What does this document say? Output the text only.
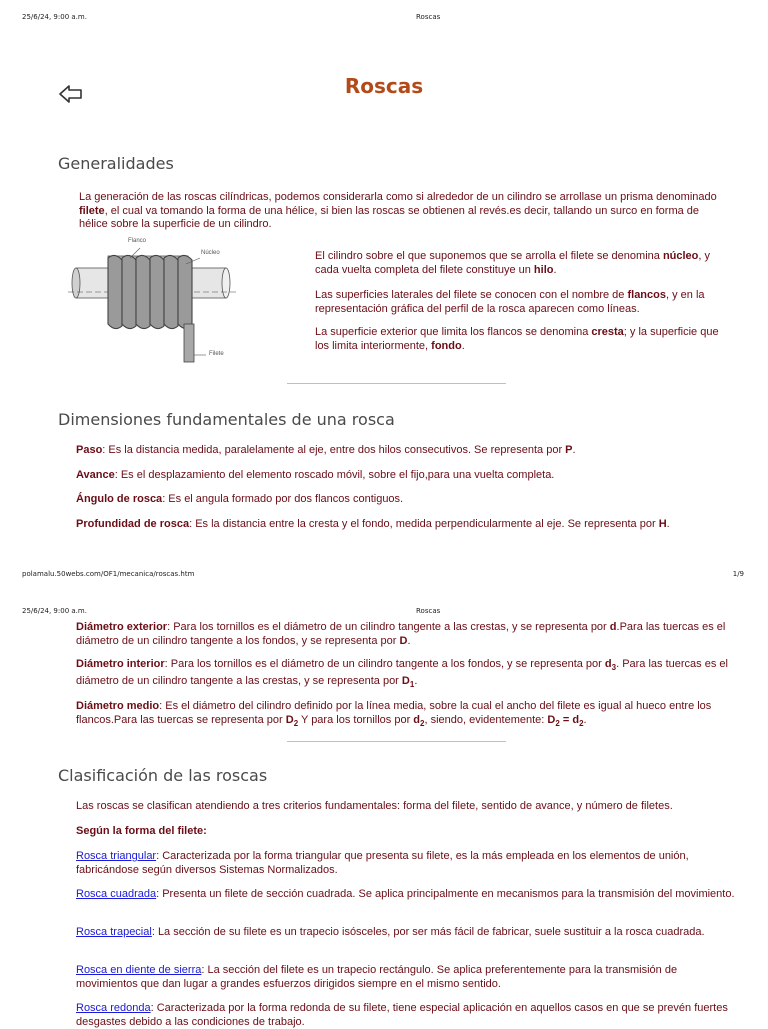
25/6/24, 9:00 a.m.	Roscas
Roscas
Generalidades
La generación de las roscas cilíndricas, podemos considerarla como si alrededor de un cilindro se arrollase un prisma denominado filete, el cual va tomando la forma de una hélice, si bien las roscas se obtienen al revés.es decir, tallando un surco en forma de hélice sobre la superficie de un cilindro.
Flanco
Núcleo
Filete
El cilindro sobre el que suponemos que se arrolla el filete se denomina núcleo, y cada vuelta completa del filete constituye un hilo.
Las superficies laterales del filete se conocen con el nombre de flancos, y en la representación gráfica del perfil de la rosca aparecen como líneas.
La superficie exterior que limita los flancos se denomina cresta; y la superficie que los limita interiormente, fondo.
Dimensiones fundamentales de una rosca
Paso: Es la distancia medida, paralelamente al eje, entre dos hilos consecutivos. Se representa por P.
Avance: Es el desplazamiento del elemento roscado móvil, sobre el fijo,para una vuelta completa.
Ángulo de rosca: Es el angula formado por dos flancos contiguos.
Profundidad de rosca: Es la distancia entre la cresta y el fondo, medida perpendicularmente al eje. Se representa por H.
polamalu.50webs.com/OF1/mecanica/roscas.htm	1/9
25/6/24, 9:00 a.m.	Roscas
Diámetro exterior: Para los tornillos es el diámetro de un cilindro tangente a las crestas, y se representa por d.Para las tuercas es el diámetro de un cilindro tangente a los fondos, y se representa por D.
Diámetro interior: Para los tornillos es el diámetro de un cilindro tangente a los fondos, y se representa por $d_3$. Para las tuercas es el diámetro de un cilindro tangente a las crestas, y se representa por $D_1$.
Diámetro medio: Es el diámetro del cilindro definido por la línea media, sobre la cual el ancho del filete es igual al hueco entre los flancos.Para las tuercas se representa por $D_2$ Y para los tornillos por $d_2$, siendo, evidentemente: $D_2 = d_2$.
Clasificación de las roscas
Las roscas se clasifican atendiendo a tres criterios fundamentales: forma del filete, sentido de avance, y número de filetes.
Según la forma del filete:
Rosca triangular: Caracterizada por la forma triangular que presenta su filete, es la más empleada en los elementos de unión, fabricándose según diversos Sistemas Normalizados.
Rosca cuadrada: Presenta un filete de sección cuadrada. Se aplica principalmente en mecanismos para la transmisión del movimiento.
Rosca trapecial: La sección de su filete es un trapecio isósceles, por ser más fácil de fabricar, suele sustituir a la rosca cuadrada.
Rosca en diente de sierra: La sección del filete es un trapecio rectángulo. Se aplica preferentemente para la transmisión de movimientos que dan lugar a grandes esfuerzos dirigidos siempre en el mismo sentido.
Rosca redonda: Caracterizada por la forma redonda de su filete, tiene especial aplicación en aquellos casos en que se prevén fuertes desgastes debido a las condiciones de trabajo.
